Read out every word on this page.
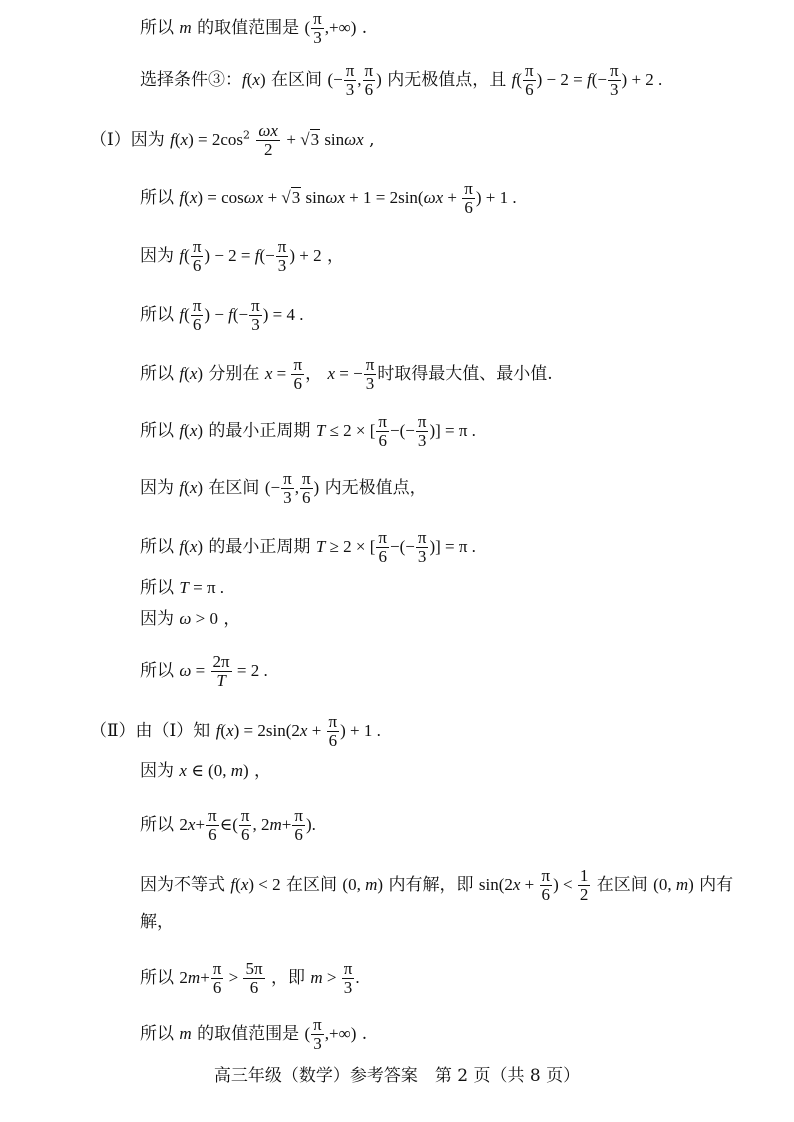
所以 m 的取值范围是 ( $\frac{\pi}{3}$ ,+∞) .
选择条件③：f(x) 在区间 (− $\frac{\pi}{3}$ , $\frac{\pi}{6}$ ) 内无极值点，且 $f( \frac{\pi}{6}$ ) − $2 = f(- \frac{\pi}{3}$ ) + 2 .
（Ⅰ）因为 $f(x) = 2\cos^2 \frac{\omega x}{2} + √3$ sinωx ,
所以 f(x) = cosωx + √3 $\sin\omega x + 1 = 2\sin(\omega x + \frac{\pi}{6}$ ) + 1 .
因为 $f( \frac{\pi}{6}$ ) − $2 = f(- \frac{\pi}{3}$ ) + 2 ，
所以 $f( \frac{\pi}{6}$ ) − $f(- \frac{\pi}{3}$ ) = 4 .
所以 f(x) 分别在 $x = \frac{\pi}{6}$ ， x = − $\frac{\pi}{3}$ 时取得最大值、最小值.
所以 f(x) 的最小正周期 T ≤ 2 × [ $\frac{\pi}{6}$ −(− $\frac{\pi}{3}$ )] = π .
因为 f(x) 在区间 (− $\frac{\pi}{3}$ , $\frac{\pi}{6}$ ) 内无极值点，
所以 f(x) 的最小正周期 T ≥ 2 × [ $\frac{\pi}{6}$ −(− $\frac{\pi}{3}$ )] = π .
所以 T = π .
因为 ω > 0 ，
所以 $\omega = \frac{2\pi}{T} = 2$ .
（Ⅱ）由（Ⅰ）知 $f(x) = 2\sin(2x + \frac{\pi}{6}$ ) + 1 .
因为 x ∈ (0, m) ，
所以 $2x+ \frac{\pi}{6}$ ∈( $\frac{\pi}{6}$ , $2m+ \frac{\pi}{6}$ ).
因为不等式 f(x) < 2 在区间 (0, m) 内有解，即 $\sin(2x + \frac{\pi}{6}$ ) < $\frac{1}{2}$ 在区间 (0, m) 内有
解，
所以 $2m+ \frac{\pi}{6} > \frac{5\pi}{6}$ ，即 $m > \frac{\pi}{3}$ .
所以 m 的取值范围是 ( $\frac{\pi}{3}$ ,+∞) .
高三年级（数学）参考答案　第 2 页（共 8 页）
